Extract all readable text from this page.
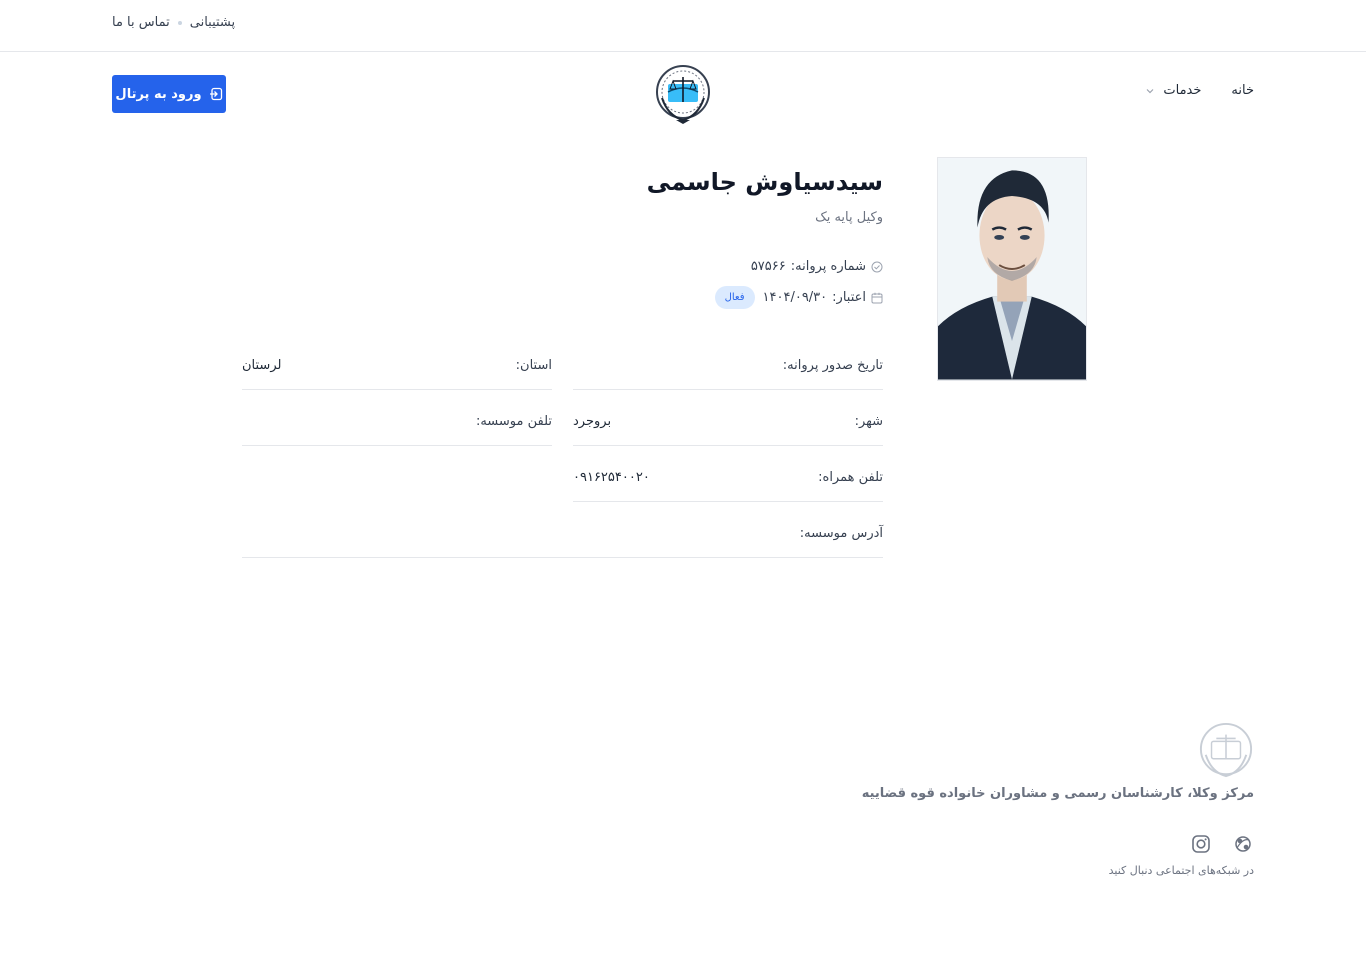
پشتیبانی
تماس با ما
خانه
خدمات
ورود به پرتال
سیدسیاوش جاسمی
وکیل پایه یک
شماره پروانه:
۵۷۵۶۶
اعتبار:
۱۴۰۴/۰۹/۳۰
فعال
تاریخ صدور پروانه:
استان:
لرستان
شهر:
بروجرد
تلفن موسسه:
تلفن همراه:
۰۹۱۶۲۵۴۰۰۲۰
آدرس موسسه:
مرکز وکلا، کارشناسان رسمی و مشاوران خانواده قوه قضاییه
در شبکه‌های اجتماعی دنبال کنید
